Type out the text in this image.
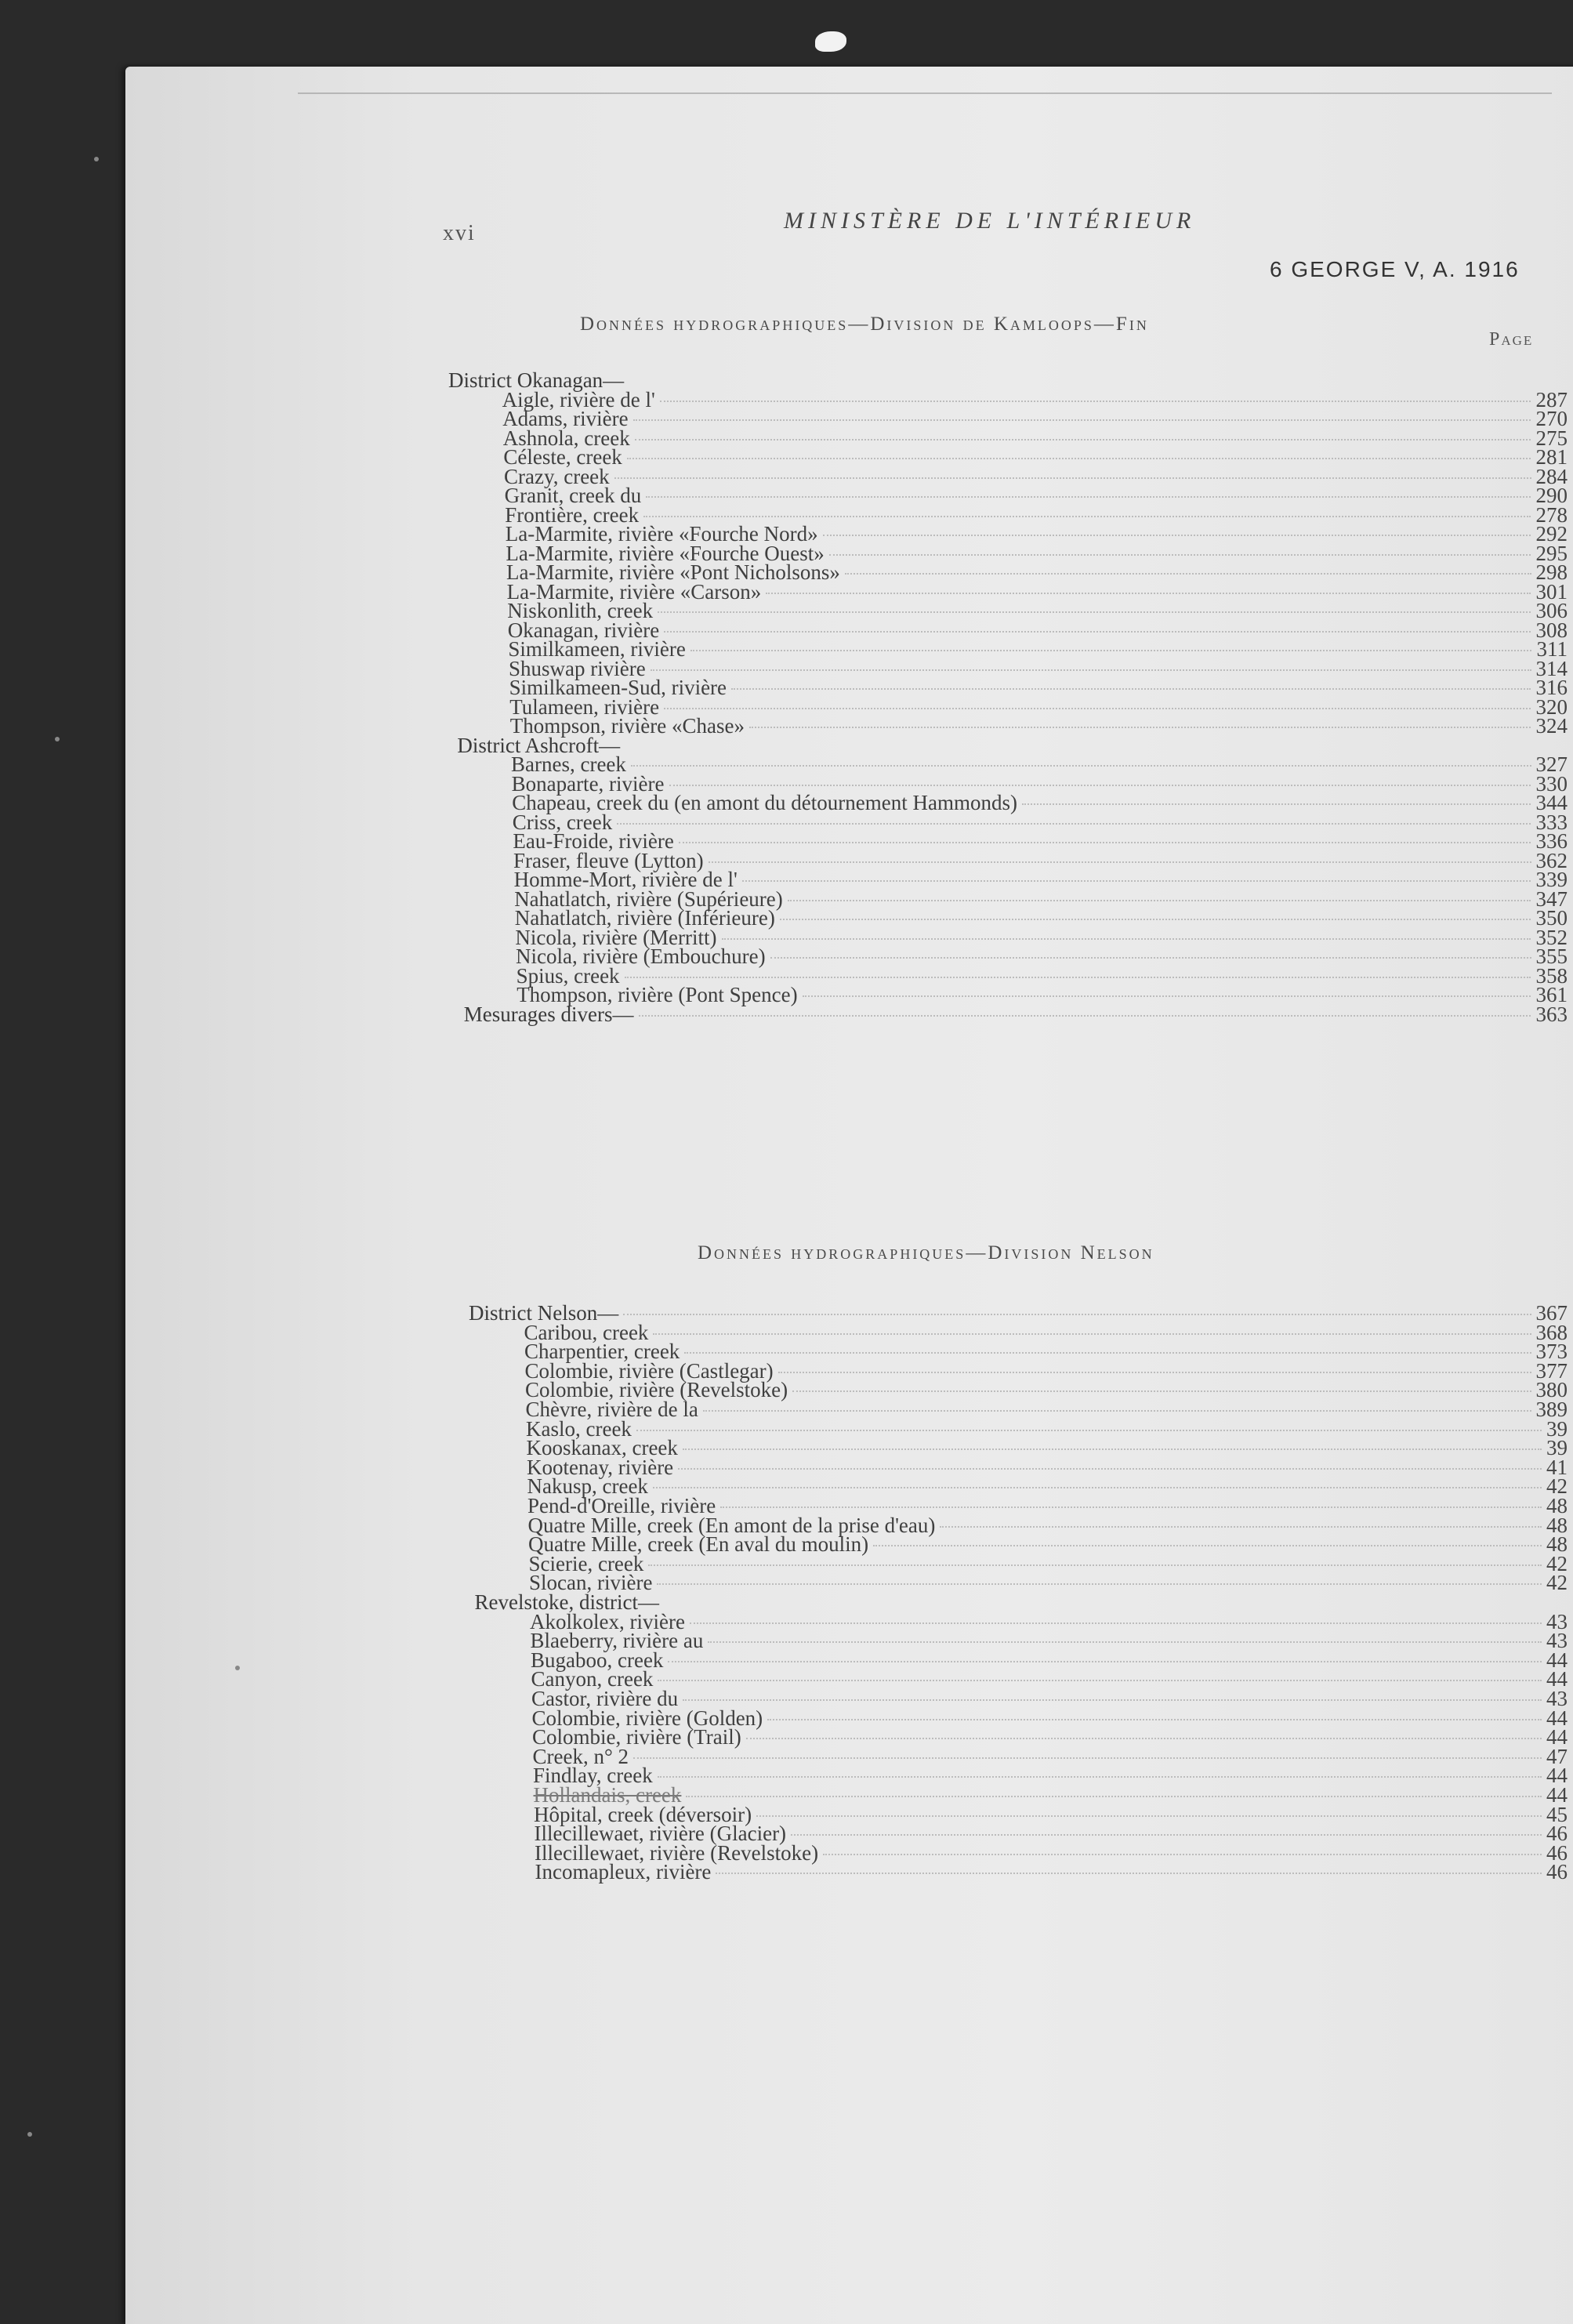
xvi	MINISTÈRE DE L'INTÉRIEUR
6 GEORGE V, A. 1916
Données hydrographiques—Division de Kamloops—Fin
Page
District Okanagan—
Aigle, rivière de l'	287
Adams, rivière	270
Ashnola, creek	275
Céleste, creek	281
Crazy, creek	284
Granit, creek du	290
Frontière, creek	278
La-Marmite, rivière «Fourche Nord»	292
La-Marmite, rivière «Fourche Ouest»	295
La-Marmite, rivière «Pont Nicholsons»	298
La-Marmite, rivière «Carson»	301
Niskonlith, creek	306
Okanagan, rivière	308
Similkameen, rivière	311
Shuswap rivière	314
Similkameen-Sud, rivière	316
Tulameen, rivière	320
Thompson, rivière «Chase»	324
District Ashcroft—
Barnes, creek	327
Bonaparte, rivière	330
Chapeau, creek du (en amont du détournement Hammonds)	344
Criss, creek	333
Eau-Froide, rivière	336
Fraser, fleuve (Lytton)	362
Homme-Mort, rivière de l'	339
Nahatlatch, rivière (Supérieure)	347
Nahatlatch, rivière (Inférieure)	350
Nicola, rivière (Merritt)	352
Nicola, rivière (Embouchure)	355
Spius, creek	358
Thompson, rivière (Pont Spence)	361
Mesurages divers—	363
Données hydrographiques—Division Nelson
District Nelson—	367
Caribou, creek	368
Charpentier, creek	373
Colombie, rivière (Castlegar)	377
Colombie, rivière (Revelstoke)	380
Chèvre, rivière de la	389
Kaslo, creek	39
Kooskanax, creek	39
Kootenay, rivière	41
Nakusp, creek	42
Pend-d'Oreille, rivière	48
Quatre Mille, creek (En amont de la prise d'eau)	48
Quatre Mille, creek (En aval du moulin)	48
Scierie, creek	42
Slocan, rivière	42
Revelstoke, district—
Akolkolex, rivière	43
Blaeberry, rivière au	43
Bugaboo, creek	44
Canyon, creek	44
Castor, rivière du	43
Colombie, rivière (Golden)	44
Colombie, rivière (Trail)	44
Creek, n° 2	47
Findlay, creek	44
Hollandais, creek	44
Hôpital, creek (déversoir)	45
Illecillewaet, rivière (Glacier)	46
Illecillewaet, rivière (Revelstoke)	46
Incomapleux, rivière	46
